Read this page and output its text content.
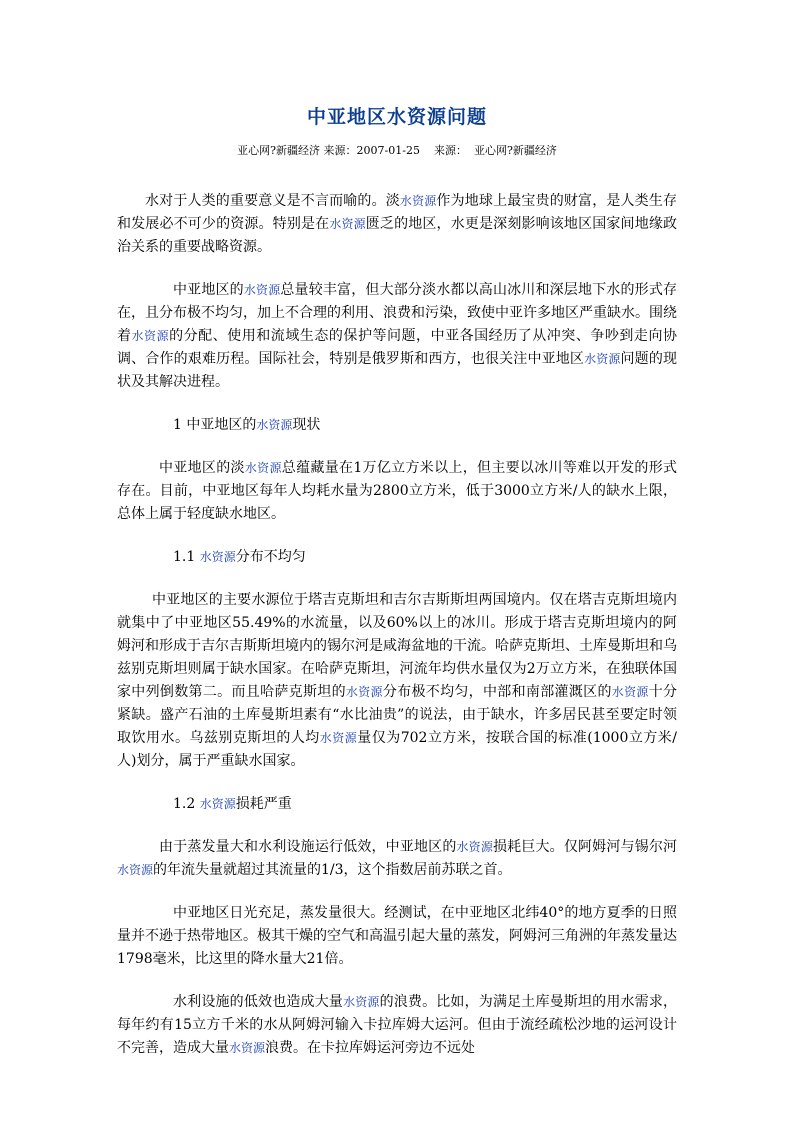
中亚地区水资源问题
亚心网?新疆经济 来源：2007-01-25 来源： 亚心网?新疆经济

水对于人类的重要意义是不言而喻的。淡水资源作为地球上最宝贵的财富，是人类生存和发展必不可少的资源。特别是在水资源匮乏的地区，水更是深刻影响该地区国家间地缘政治关系的重要战略资源。

中亚地区的水资源总量较丰富，但大部分淡水都以高山冰川和深层地下水的形式存在，且分布极不均匀，加上不合理的利用、浪费和污染，致使中亚许多地区严重缺水。围绕着水资源的分配、使用和流域生态的保护等问题，中亚各国经历了从冲突、争吵到走向协调、合作的艰难历程。国际社会，特别是俄罗斯和西方，也很关注中亚地区水资源问题的现状及其解决进程。

1 中亚地区的水资源现状

中亚地区的淡水资源总蕴藏量在1万亿立方米以上，但主要以冰川等难以开发的形式存在。目前，中亚地区每年人均耗水量为2800立方米，低于3000立方米/人的缺水上限，总体上属于轻度缺水地区。

1.1 水资源分布不均匀

中亚地区的主要水源位于塔吉克斯坦和吉尔吉斯斯坦两国境内。仅在塔吉克斯坦境内就集中了中亚地区55.49%的水流量，以及60%以上的冰川。形成于塔吉克斯坦境内的阿姆河和形成于吉尔吉斯斯坦境内的锡尔河是咸海盆地的干流。哈萨克斯坦、土库曼斯坦和乌兹别克斯坦则属于缺水国家。在哈萨克斯坦，河流年均供水量仅为2万立方米，在独联体国家中列倒数第二。而且哈萨克斯坦的水资源分布极不均匀，中部和南部灌溉区的水资源十分紧缺。盛产石油的土库曼斯坦素有“水比油贵”的说法，由于缺水，许多居民甚至要定时领取饮用水。乌兹别克斯坦的人均水资源量仅为702立方米，按联合国的标准(1000立方米/人)划分，属于严重缺水国家。

1.2 水资源损耗严重

由于蒸发量大和水利设施运行低效，中亚地区的水资源损耗巨大。仅阿姆河与锡尔河水资源的年流失量就超过其流量的1/3，这个指数居前苏联之首。

中亚地区日光充足，蒸发量很大。经测试，在中亚地区北纬40°的地方夏季的日照量并不逊于热带地区。极其干燥的空气和高温引起大量的蒸发，阿姆河三角洲的年蒸发量达1798毫米，比这里的降水量大21倍。

水利设施的低效也造成大量水资源的浪费。比如，为满足土库曼斯坦的用水需求，每年约有15立方千米的水从阿姆河输入卡拉库姆大运河。但由于流经疏松沙地的运河设计不完善，造成大量水资源浪费。在卡拉库姆运河旁边不远处
